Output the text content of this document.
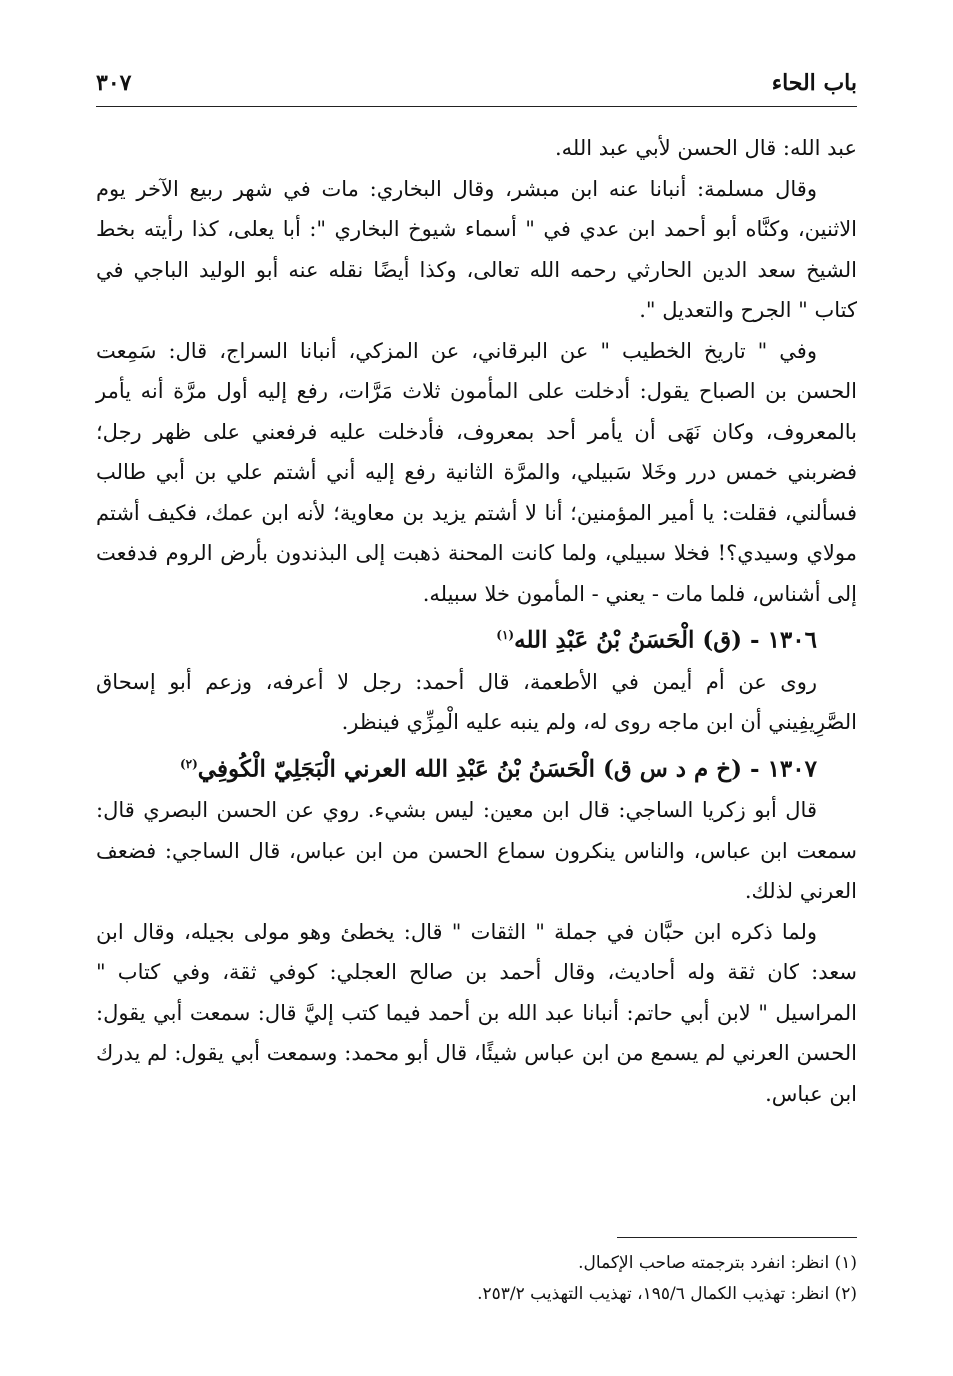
باب الحاء
٣٠٧

عبد الله: قال الحسن لأبي عبد الله.

وقال مسلمة: أنبانا عنه ابن مبشر، وقال البخاري: مات في شهر ربيع الآخر يوم الاثنين، وكنَّاه أبو أحمد ابن عدي في " أسماء شيوخ البخاري ": أبا يعلى، كذا رأيته بخط الشيخ سعد الدين الحارثي رحمه الله تعالى، وكذا أيضًا نقله عنه أبو الوليد الباجي في كتاب " الجرح والتعديل ".

وفي " تاريخ الخطيب " عن البرقاني، عن المزكي، أنبانا السراج، قال: سَمِعت الحسن بن الصباح يقول: أدخلت على المأمون ثلاث مَرَّات، رفع إليه أول مرَّة أنه يأمر بالمعروف، وكان نَهَى أن يأمر أحد بمعروف، فأدخلت عليه فرفعني على ظهر رجل؛ فضربني خمس درر وخَلا سَبيلي، والمرَّة الثانية رفع إليه أني أشتم علي بن أبي طالب فسألني، فقلت: يا أمير المؤمنين؛ أنا لا أشتم يزيد بن معاوية؛ لأنه ابن عمك، فكيف أشتم مولاي وسيدي؟! فخلا سبيلي، ولما كانت المحنة ذهبت إلى البذندون بأرض الروم فدفعت إلى أشناس، فلما مات - يعني - المأمون خلا سبيله.

١٣٠٦ - (ق) الْحَسَنُ بْنُ عَبْدِ الله$^{(١)}$

روى عن أم أيمن في الأطعمة، قال أحمد: رجل لا أعرفه، وزعم أبو إسحاق الصَّرِيفِيني أن ابن ماجه روى له، ولم ينبه عليه الْمِزِّي فينظر.

١٣٠٧ - (خ م د س ق) الْحَسَنُ بْنُ عَبْدِ الله العرني الْبَجَلِيّ الْكُوفِي$^{(٢)}$

قال أبو زكريا الساجي: قال ابن معين: ليس بشيء. روي عن الحسن البصري قال: سمعت ابن عباس، والناس ينكرون سماع الحسن من ابن عباس، قال الساجي: فضعف العرني لذلك.

ولما ذكره ابن حبَّان في جملة " الثقات " قال: يخطئ وهو مولى بجيله، وقال ابن سعد: كان ثقة وله أحاديث، وقال أحمد بن صالح العجلي: كوفي ثقة، وفي كتاب " المراسيل " لابن أبي حاتم: أنبانا عبد الله بن أحمد فيما كتب إليَّ قال: سمعت أبي يقول: الحسن العرني لم يسمع من ابن عباس شيئًا، قال أبو محمد: وسمعت أبي يقول: لم يدرك ابن عباس.

(١) انظر: انفرد بترجمته صاحب الإكمال.
(٢) انظر: تهذيب الكمال ١٩٥/٦، تهذيب التهذيب ٢٥٣/٢.
